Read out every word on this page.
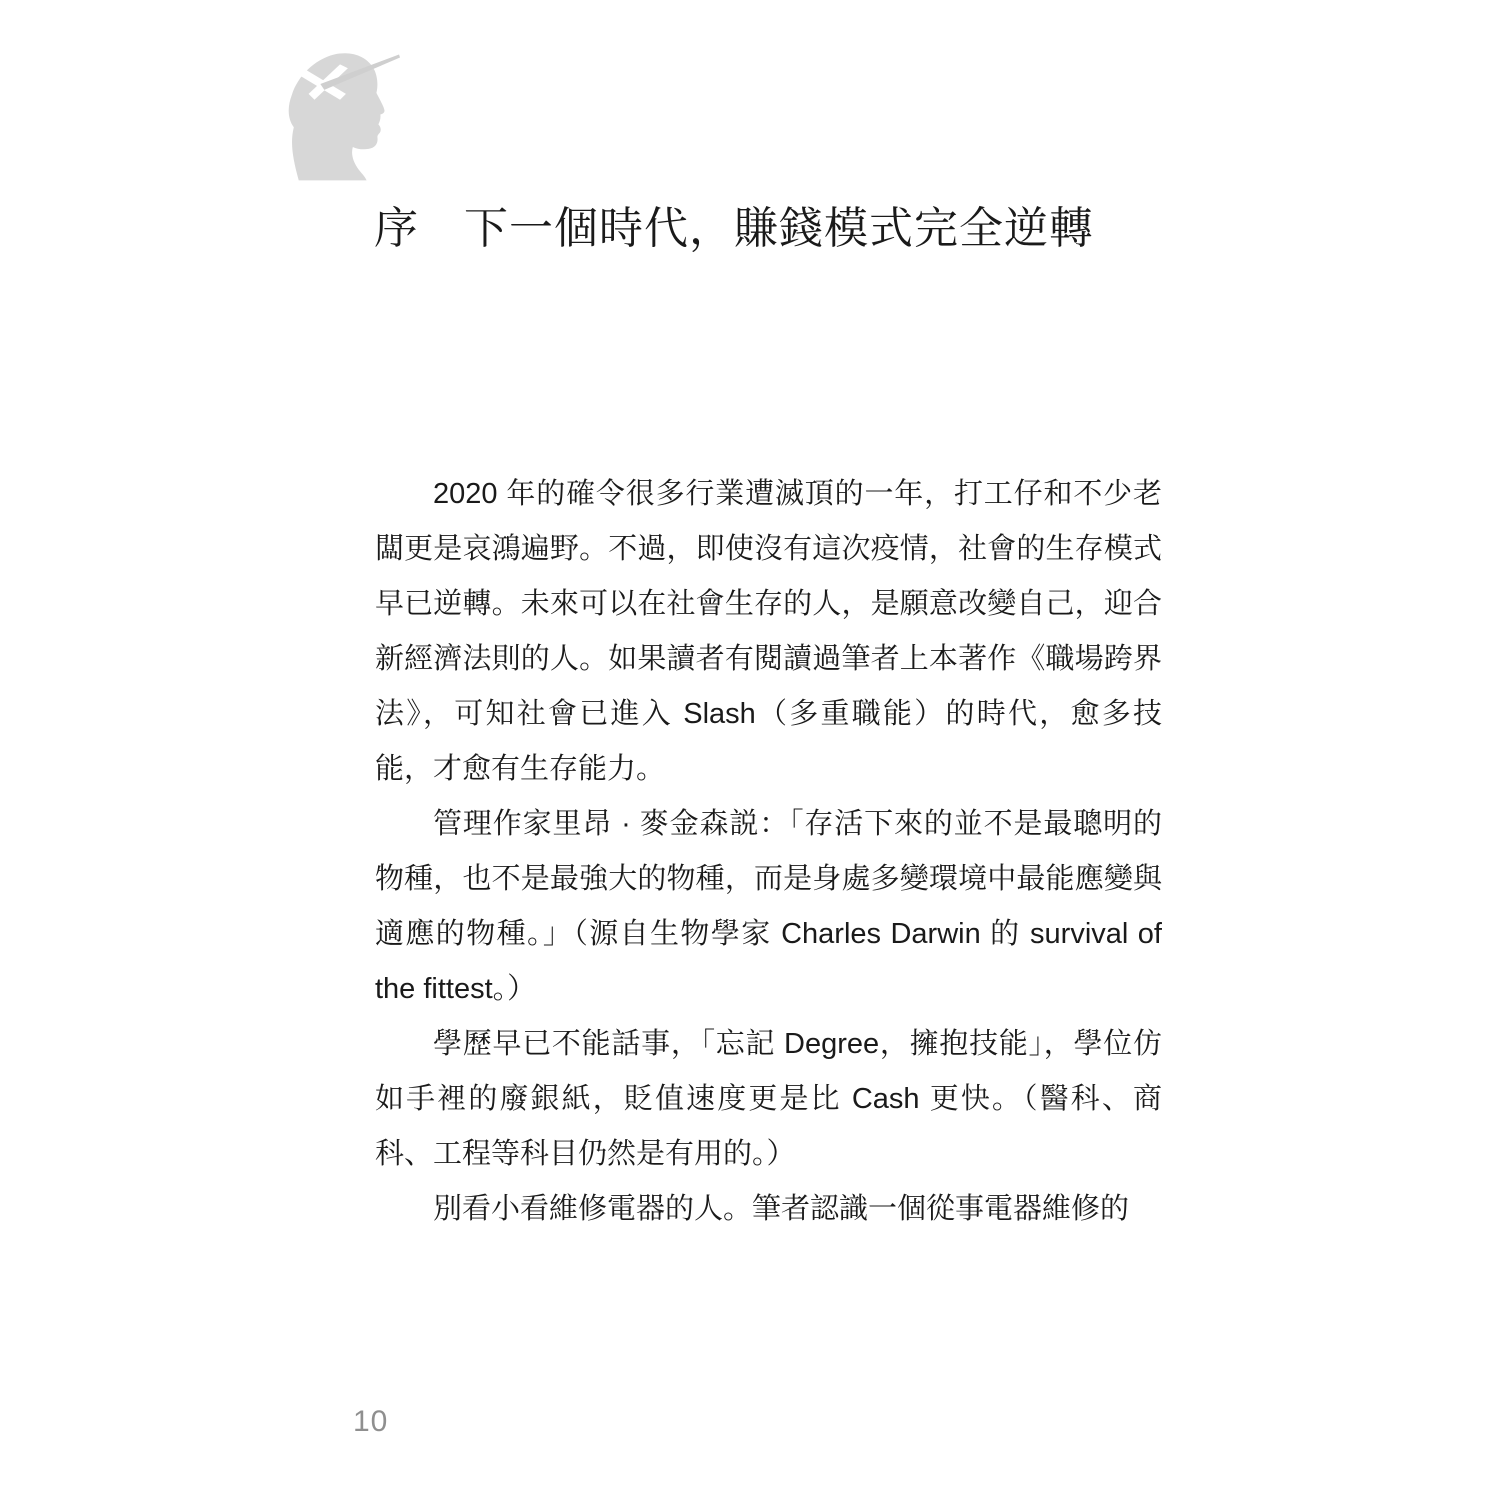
序　下一個時代，賺錢模式完全逆轉

2020 年的確令很多行業遭滅頂的一年，打工仔和不少老闆更是哀鴻遍野。不過，即使沒有這次疫情，社會的生存模式早已逆轉。未來可以在社會生存的人，是願意改變自己，迎合新經濟法則的人。如果讀者有閱讀過筆者上本著作《職場跨界法》，可知社會已進入 Slash（多重職能）的時代，愈多技能，才愈有生存能力。

管理作家里昂 · 麥金森説：「存活下來的並不是最聰明的物種，也不是最強大的物種，而是身處多變環境中最能應變與適應的物種。」（源自生物學家 Charles Darwin 的 survival of the fittest。）

學歷早已不能話事，「忘記 Degree，擁抱技能」，學位仿如手裡的廢銀紙，貶值速度更是比 Cash 更快。（醫科、商科、工程等科目仍然是有用的。）

別看小看維修電器的人。筆者認識一個從事電器維修的

10
